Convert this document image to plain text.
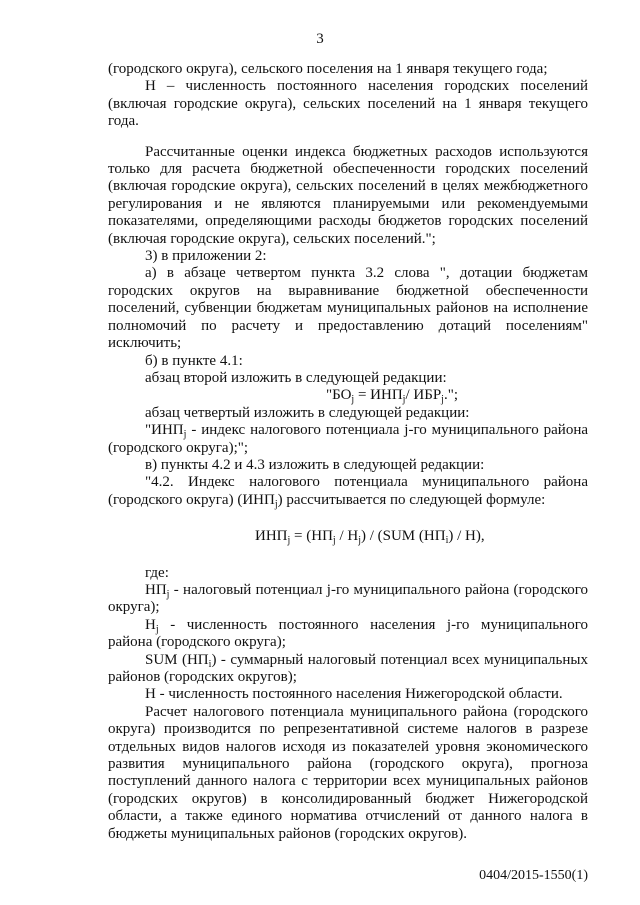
3

(городского округа), сельского поселения на 1 января текущего года;

Н – численность постоянного населения городских поселений (включая городские округа), сельских поселений на 1 января текущего года.

Рассчитанные оценки индекса бюджетных расходов используются только для расчета бюджетной обеспеченности городских поселений (включая городские округа), сельских поселений в целях межбюджетного регулирования и не являются планируемыми или рекомендуемыми показателями, определяющими расходы бюджетов городских поселений (включая городские округа), сельских поселений.";

3) в приложении 2:

а) в абзаце четвертом пункта 3.2 слова ", дотации бюджетам городских округов на выравнивание бюджетной обеспеченности поселений, субвенции бюджетам муниципальных районов на исполнение полномочий по расчету и предоставлению дотаций поселениям" исключить;

б) в пункте 4.1:

абзац второй изложить в следующей редакции:

"$БО_j = ИНП_j/$ $ИБР_j$.";

абзац четвертый изложить в следующей редакции:

"$ИНП_j$ - индекс налогового потенциала j-го муниципального района (городского округа);";

в) пункты 4.2 и 4.3 изложить в следующей редакции:

"4.2. Индекс налогового потенциала муниципального района (городского округа) $(ИНП_j)$ рассчитывается по следующей формуле:

$ИНП_j = (НП_j / Н_j) / (SUM$ $(НП_i) / Н$),

где:

$НП_j$ - налоговый потенциал j-го муниципального района (городского округа);

$Н_j$ - численность постоянного населения j-го муниципального района (городского округа);

SUM $(НП_i)$ - суммарный налоговый потенциал всех муниципальных районов (городских округов);

Н - численность постоянного населения Нижегородской области.

Расчет налогового потенциала муниципального района (городского округа) производится по репрезентативной системе налогов в разрезе отдельных видов налогов исходя из показателей уровня экономического развития муниципального района (городского округа), прогноза поступлений данного налога с территории всех муниципальных районов (городских округов) в консолидированный бюджет Нижегородской области, а также единого норматива отчислений от данного налога в бюджеты муниципальных районов (городских округов).

0404/2015-1550(1)
